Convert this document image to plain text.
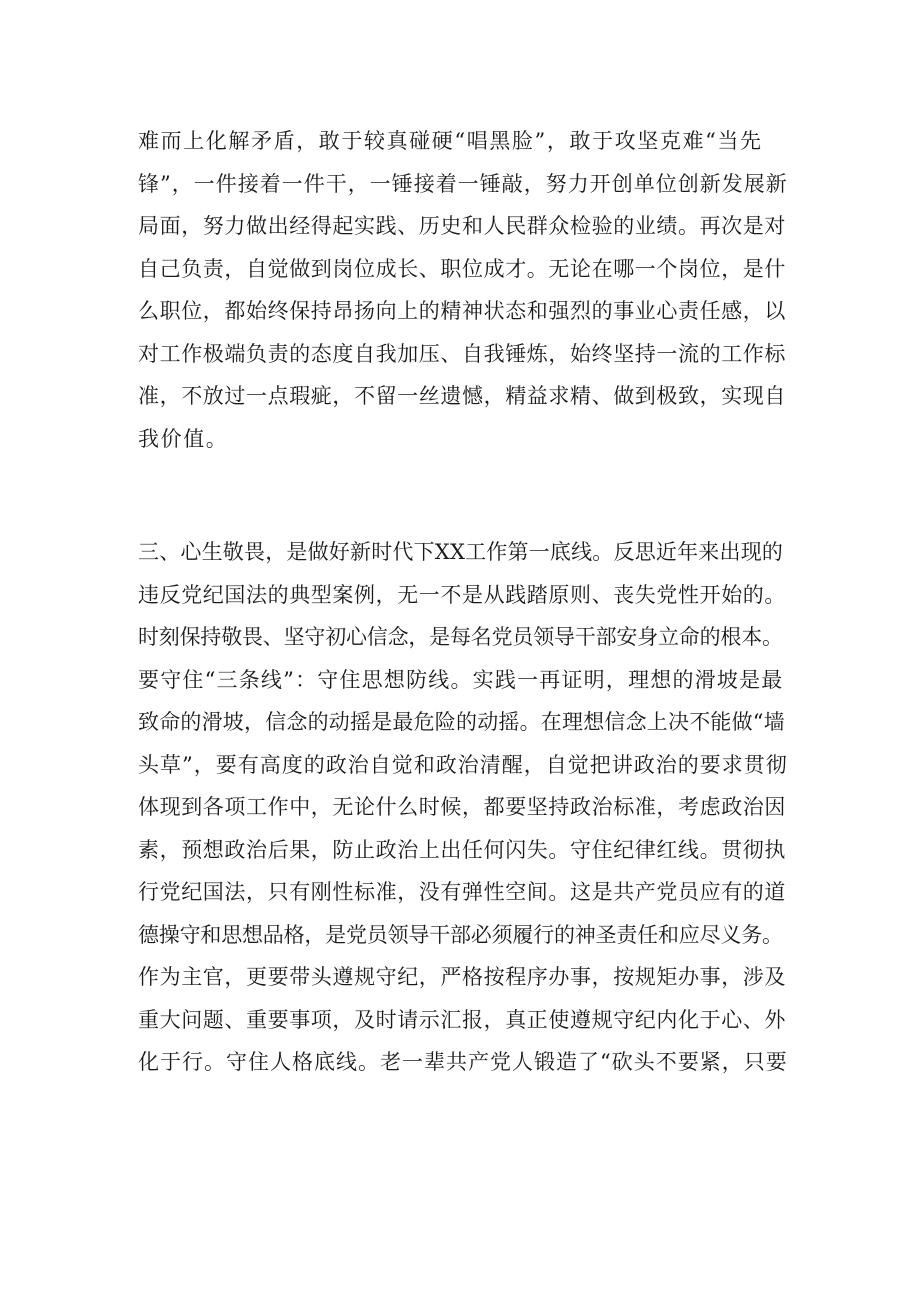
难而上化解矛盾，敢于较真碰硬“唱黑脸”，敢于攻坚克难“当先
锋”，一件接着一件干，一锤接着一锤敲，努力开创单位创新发展新
局面，努力做出经得起实践、历史和人民群众检验的业绩。再次是对
自己负责，自觉做到岗位成长、职位成才。无论在哪一个岗位，是什
么职位，都始终保持昂扬向上的精神状态和强烈的事业心责任感，以
对工作极端负责的态度自我加压、自我锤炼，始终坚持一流的工作标
准，不放过一点瑕疵，不留一丝遗憾，精益求精、做到极致，实现自
我价值。
三、心生敬畏，是做好新时代下XX工作第一底线。反思近年来出现的
违反党纪国法的典型案例，无一不是从践踏原则、丧失党性开始的。
时刻保持敬畏、坚守初心信念，是每名党员领导干部安身立命的根本。
要守住“三条线”：守住思想防线。实践一再证明，理想的滑坡是最
致命的滑坡，信念的动摇是最危险的动摇。在理想信念上决不能做“墙
头草”，要有高度的政治自觉和政治清醒，自觉把讲政治的要求贯彻
体现到各项工作中，无论什么时候，都要坚持政治标准，考虑政治因
素，预想政治后果，防止政治上出任何闪失。守住纪律红线。贯彻执
行党纪国法，只有刚性标准，没有弹性空间。这是共产党员应有的道
德操守和思想品格，是党员领导干部必须履行的神圣责任和应尽义务。
作为主官，更要带头遵规守纪，严格按程序办事，按规矩办事，涉及
重大问题、重要事项，及时请示汇报，真正使遵规守纪内化于心、外
化于行。守住人格底线。老一辈共产党人锻造了“砍头不要紧，只要
